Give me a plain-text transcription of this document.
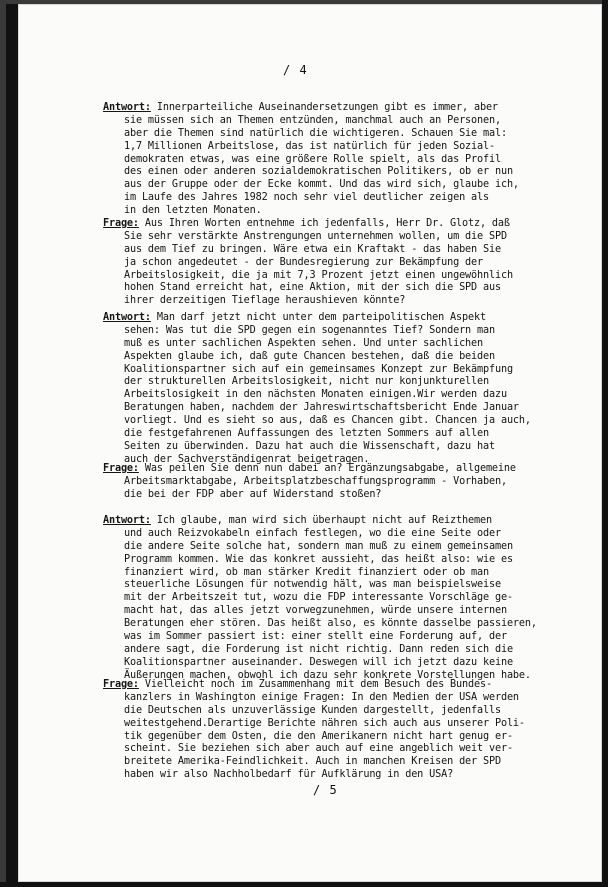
/ 4
Antwort: Innerparteiliche Auseinandersetzungen gibt es immer, aber
sie müssen sich an Themen entzünden, manchmal auch an Personen,
aber die Themen sind natürlich die wichtigeren. Schauen Sie mal:
1,7 Millionen Arbeitslose, das ist natürlich für jeden Sozial-
demokraten etwas, was eine größere Rolle spielt, als das Profil
des einen oder anderen sozialdemokratischen Politikers, ob er nun
aus der Gruppe oder der Ecke kommt. Und das wird sich, glaube ich,
im Laufe des Jahres 1982 noch sehr viel deutlicher zeigen als
in den letzten Monaten.
Frage: Aus Ihren Worten entnehme ich jedenfalls, Herr Dr. Glotz, daß
Sie sehr verstärkte Anstrengungen unternehmen wollen, um die SPD
aus dem Tief zu bringen. Wäre etwa ein Kraftakt - das haben Sie
ja schon angedeutet - der Bundesregierung zur Bekämpfung der
Arbeitslosigkeit, die ja mit 7,3 Prozent jetzt einen ungewöhnlich
hohen Stand erreicht hat, eine Aktion, mit der sich die SPD aus
ihrer derzeitigen Tieflage heraushieven könnte?
Antwort: Man darf jetzt nicht unter dem parteipolitischen Aspekt
sehen: Was tut die SPD gegen ein sogenanntes Tief? Sondern man
muß es unter sachlichen Aspekten sehen. Und unter sachlichen
Aspekten glaube ich, daß gute Chancen bestehen, daß die beiden
Koalitionspartner sich auf ein gemeinsames Konzept zur Bekämpfung
der strukturellen Arbeitslosigkeit, nicht nur konjunkturellen
Arbeitslosigkeit in den nächsten Monaten einigen.Wir werden dazu
Beratungen haben, nachdem der Jahreswirtschaftsbericht Ende Januar
vorliegt. Und es sieht so aus, daß es Chancen gibt. Chancen ja auch,
die festgefahrenen Auffassungen des letzten Sommers auf allen
Seiten zu überwinden. Dazu hat auch die Wissenschaft, dazu hat
auch der Sachverständigenrat beigetragen.
Frage: Was peilen Sie denn nun dabei an? Ergänzungsabgabe, allgemeine
Arbeitsmarktabgabe, Arbeitsplatzbeschaffungsprogramm - Vorhaben,
die bei der FDP aber auf Widerstand stoßen?
Antwort: Ich glaube, man wird sich überhaupt nicht auf Reizthemen
und auch Reizvokabeln einfach festlegen, wo die eine Seite oder
die andere Seite solche hat, sondern man muß zu einem gemeinsamen
Programm kommen. Wie das konkret aussieht, das heißt also: wie es
finanziert wird, ob man stärker Kredit finanziert oder ob man
steuerliche Lösungen für notwendig hält, was man beispielsweise
mit der Arbeitszeit tut, wozu die FDP interessante Vorschläge ge-
macht hat, das alles jetzt vorwegzunehmen, würde unsere internen
Beratungen eher stören. Das heißt also, es könnte dasselbe passieren,
was im Sommer passiert ist: einer stellt eine Forderung auf, der
andere sagt, die Forderung ist nicht richtig. Dann reden sich die
Koalitionspartner auseinander. Deswegen will ich jetzt dazu keine
Äußerungen machen, obwohl ich dazu sehr konkrete Vorstellungen habe.
Frage: Vielleicht noch im Zusammenhang mit dem Besuch des Bundes-
kanzlers in Washington einige Fragen: In den Medien der USA werden
die Deutschen als unzuverlässige Kunden dargestellt, jedenfalls
weitestgehend.Derartige Berichte nähren sich auch aus unserer Poli-
tik gegenüber dem Osten, die den Amerikanern nicht hart genug er-
scheint. Sie beziehen sich aber auch auf eine angeblich weit ver-
breitete Amerika-Feindlichkeit. Auch in manchen Kreisen der SPD
haben wir also Nachholbedarf für Aufklärung in den USA?
/ 5
